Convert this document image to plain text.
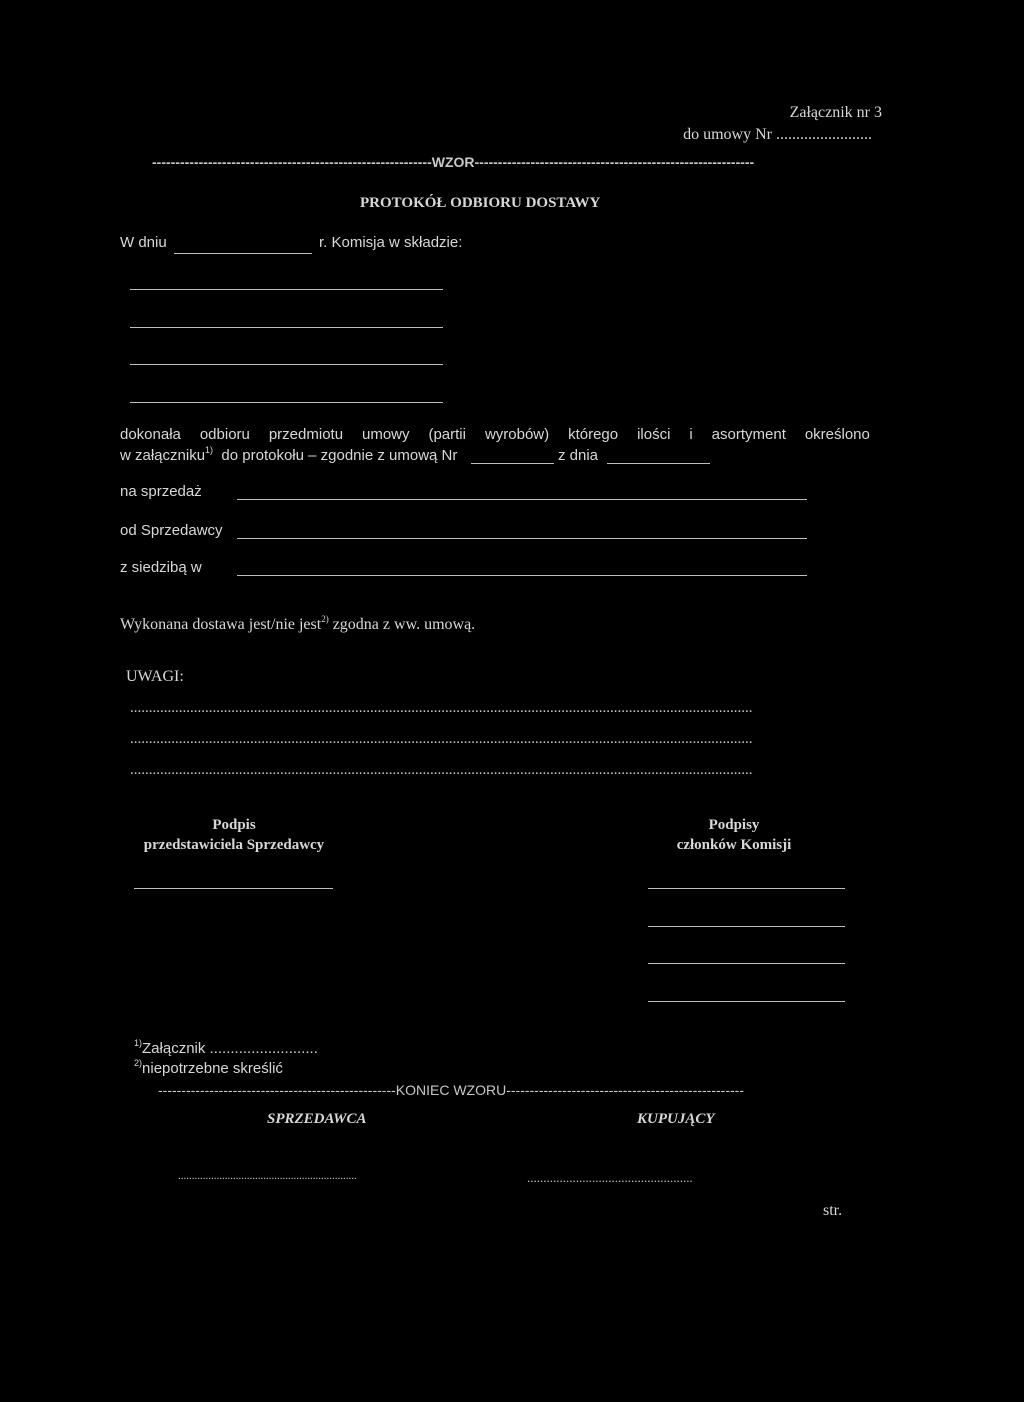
Załącznik nr 3
do umowy Nr ........................
------------------------------------------------------------WZOR------------------------------------------------------------
PROTOKÓŁ ODBIORU DOSTAWY
W dniu	r. Komisja w składzie:
dokonała odbioru przedmiotu umowy (partii wyrobów) którego ilości i asortyment określono
w załączniku$^{1)}$ do protokołu – zgodnie z umową Nr	z dnia
na sprzedaż
od Sprzedawcy
z siedzibą w
Wykonana dostawa jest/nie jest$^{2)}$ zgodna z ww. umową.
UWAGI:
......................................................................................................................................................................
......................................................................................................................................................................
......................................................................................................................................................................
Podpis
przedstawiciela Sprzedawcy
Podpisy
członków Komisji
$^{1)}$Załącznik ..........................
$^{2)}$niepotrzebne skreślić
---------------------------------------------------KONIEC WZORU---------------------------------------------------
SPRZEDAWCA	KUPUJĄCY
.................................................................	...................................................
str.
